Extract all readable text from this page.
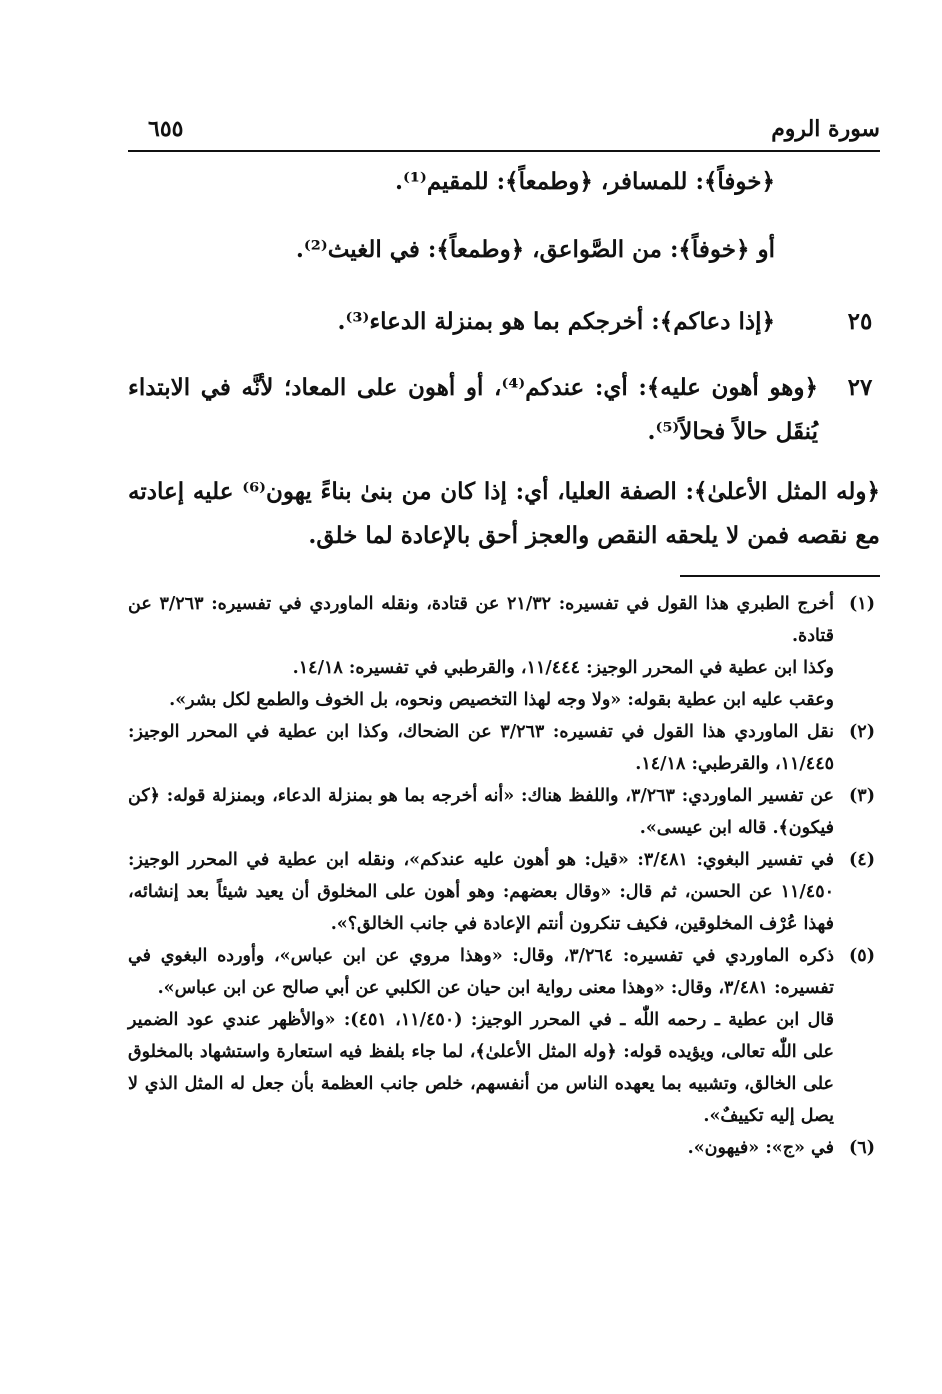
٦٥٥	سورة الروم
﴿خوفاً﴾: للمسافر، ﴿وطمعاً﴾: للمقيم⁽¹⁾.
أو ﴿خوفاً﴾: من الصَّواعق، ﴿وطمعاً﴾: في الغيث⁽²⁾.
٢٥
﴿إذا دعاكم﴾: أخرجكم بما هو بمنزلة الدعاء⁽³⁾.
٢٧
﴿وهو أهون عليه﴾: أي: عندكم⁽⁴⁾، أو أهون على المعاد؛ لأنَّه في الابتداء يُنقَل حالاً فحالاً⁽⁵⁾.
﴿وله المثل الأعلىٰ﴾: الصفة العليا، أي: إذا كان من بنىٰ بناءً يهون⁽⁶⁾ عليه إعادته مع نقصه فمن لا يلحقه النقص والعجز أحق بالإعادة لما خلق.
(١)
أخرج الطبري هذا القول في تفسيره: ٢١/٣٢ عن قتادة، ونقله الماوردي في تفسيره: ٣/٢٦٣ عن قتادة.
وكذا ابن عطية في المحرر الوجيز: ١١/٤٤٤، والقرطبي في تفسيره: ١٤/١٨.
وعقب عليه ابن عطية بقوله: «ولا وجه لهذا التخصيص ونحوه، بل الخوف والطمع لكل بشر».
(٢)
نقل الماوردي هذا القول في تفسيره: ٣/٢٦٣ عن الضحاك، وكذا ابن عطية في المحرر الوجيز: ١١/٤٤٥، والقرطبي: ١٤/١٨.
(٣)
عن تفسير الماوردي: ٣/٢٦٣، واللفظ هناك: «أنه أخرجه بما هو بمنزلة الدعاء، وبمنزلة قوله: ﴿كن فيكون﴾. قاله ابن عيسى».
(٤)
في تفسير البغوي: ٣/٤٨١: «قيل: هو أهون عليه عندكم»، ونقله ابن عطية في المحرر الوجيز: ١١/٤٥٠ عن الحسن، ثم قال: «وقال بعضهم: وهو أهون على المخلوق أن يعيد شيئاً بعد إنشائه، فهذا عُرْف المخلوقين، فكيف تنكرون أنتم الإعادة في جانب الخالق؟».
(٥)
ذكره الماوردي في تفسيره: ٣/٢٦٤، وقال: «وهذا مروي عن ابن عباس»، وأورده البغوي في تفسيره: ٣/٤٨١، وقال: «وهذا معنى رواية ابن حيان عن الكلبي عن أبي صالح عن ابن عباس».
قال ابن عطية ـ رحمه اللّٰه ـ في المحرر الوجيز: (١١/٤٥٠، ٤٥١): «والأظهر عندي عود الضمير على اللّٰه تعالى، ويؤيده قوله: ﴿وله المثل الأعلىٰ﴾، لما جاء بلفظ فيه استعارة واستشهاد بالمخلوق على الخالق، وتشبيه بما يعهده الناس من أنفسهم، خلص جانب العظمة بأن جعل له المثل الذي لا يصل إليه تكييفٌ».
(٦)
في «ج»: «فيهون».
